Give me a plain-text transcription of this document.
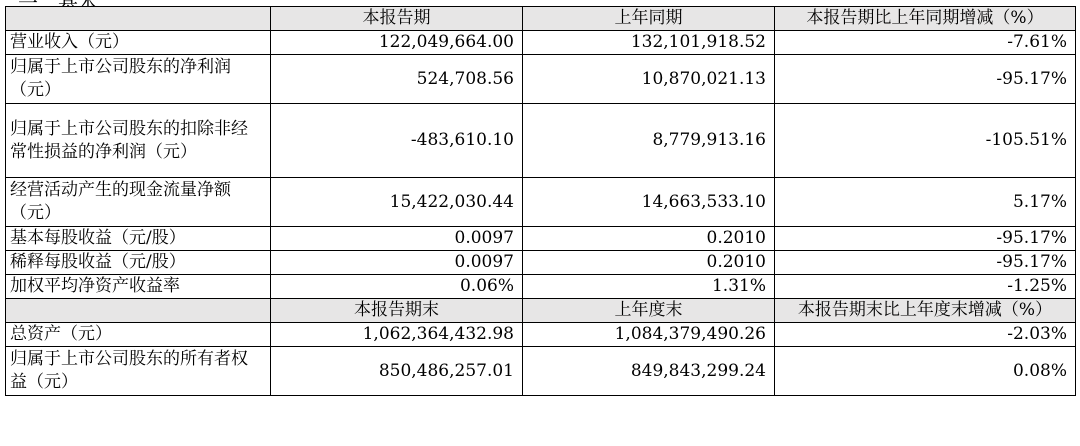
	本报告期	上年同期	本报告期比上年同期增减（%）
营业收入（元）	122,049,664.00	132,101,918.52	-7.61%
归属于上市公司股东的净利润（元）	524,708.56	10,870,021.13	-95.17%
归属于上市公司股东的扣除非经常性损益的净利润（元）	-483,610.10	8,779,913.16	-105.51%
经营活动产生的现金流量净额（元）	15,422,030.44	14,663,533.10	5.17%
基本每股收益（元/股）	0.0097	0.2010	-95.17%
稀释每股收益（元/股）	0.0097	0.2010	-95.17%
加权平均净资产收益率	0.06%	1.31%	-1.25%
	本报告期末	上年度末	本报告期末比上年度末增减（%）
总资产（元）	1,062,364,432.98	1,084,379,490.26	-2.03%
归属于上市公司股东的所有者权益（元）	850,486,257.01	849,843,299.24	0.08%
